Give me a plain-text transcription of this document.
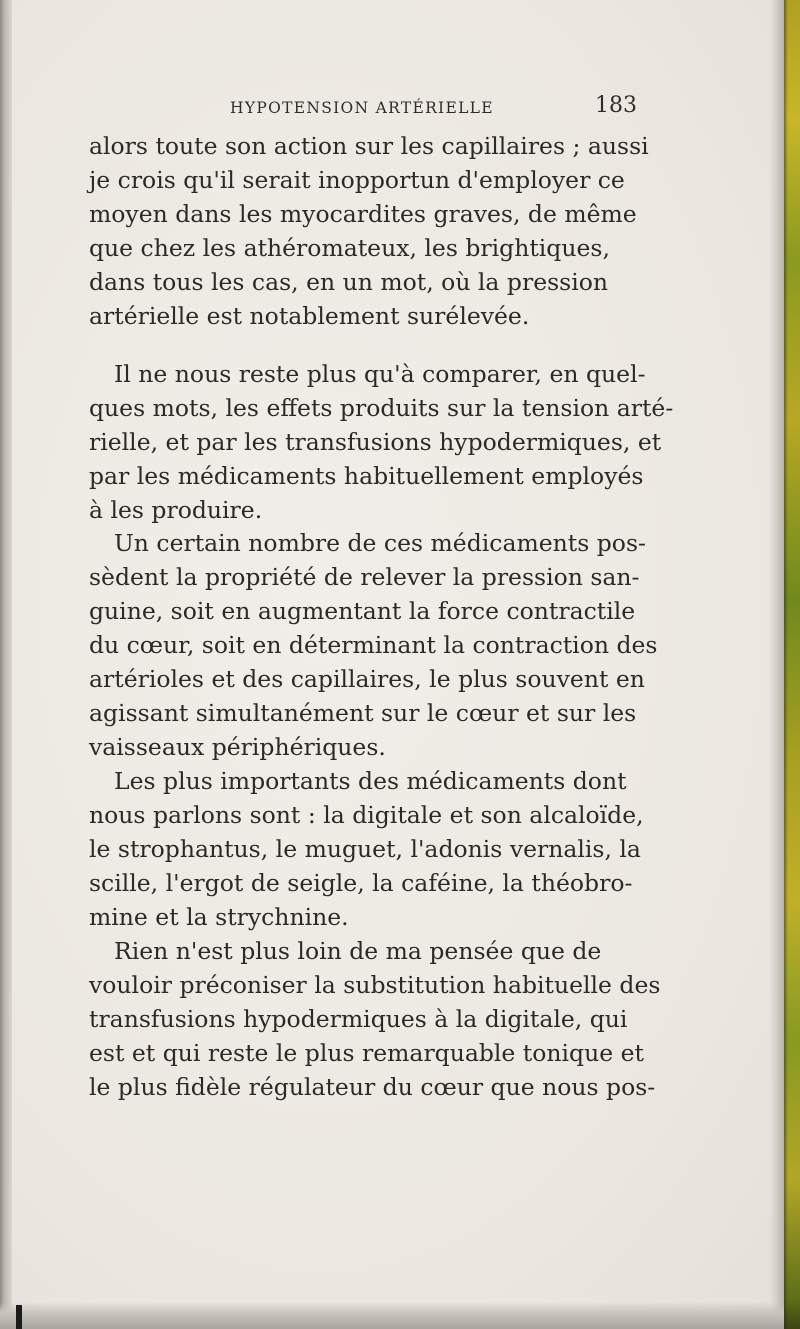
HYPOTENSION ARTÉRIELLE	183
alors toute son action sur les capillaires ; aussi
je crois qu'il serait inopportun d'employer ce
moyen dans les myocardites graves, de même
que chez les athéromateux, les brightiques,
dans tous les cas, en un mot, où la pression
artérielle est notablement surélevée.
Il ne nous reste plus qu'à comparer, en quel-
ques mots, les effets produits sur la tension arté-
rielle, et par les transfusions hypodermiques, et
par les médicaments habituellement employés
à les produire.
Un certain nombre de ces médicaments pos-
sèdent la propriété de relever la pression san-
guine, soit en augmentant la force contractile
du cœur, soit en déterminant la contraction des
artérioles et des capillaires, le plus souvent en
agissant simultanément sur le cœur et sur les
vaisseaux périphériques.
Les plus importants des médicaments dont
nous parlons sont : la digitale et son alcaloïde,
le strophantus, le muguet, l'adonis vernalis, la
scille, l'ergot de seigle, la caféine, la théobro-
mine et la strychnine.
Rien n'est plus loin de ma pensée que de
vouloir préconiser la substitution habituelle des
transfusions hypodermiques à la digitale, qui
est et qui reste le plus remarquable tonique et
le plus fidèle régulateur du cœur que nous pos-
